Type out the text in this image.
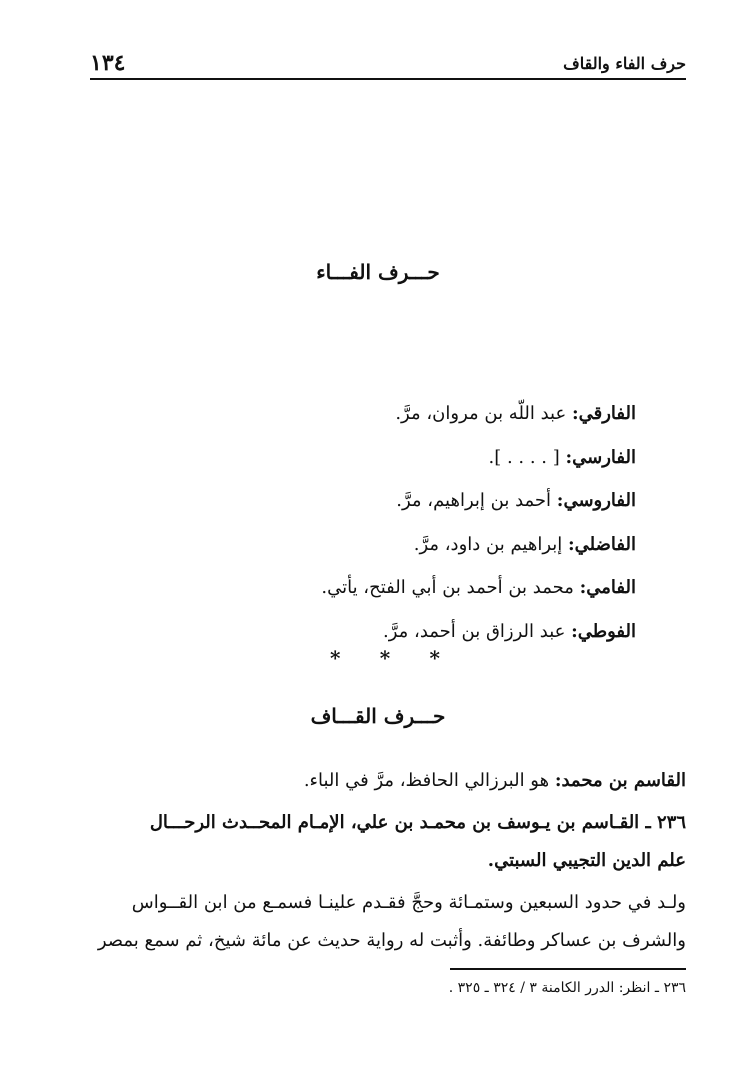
١٣٤	حرف الفاء والقاف
حـــرف الفـــاء
الفارقي: عبد اللّه بن مروان، مرَّ.
الفارسي: [ . . . . ].
الفاروسي: أحمد بن إبراهيم، مرَّ.
الفاضلي: إبراهيم بن داود، مرَّ.
الفامي: محمد بن أحمد بن أبي الفتح، يأتي.
الفوطي: عبد الرزاق بن أحمد، مرَّ.
* * *
حـــرف القـــاف
القاسم بن محمد: هو البرزالي الحافظ، مرَّ في الباء.
٢٣٦ ـ القـاسم بن يـوسف بن محمـد بن علي، الإمـام المحــدث الرحـــال
علم الدين التجيبي السبتي.
ولـد في حدود السبعين وستمـائة وحجَّ فقـدم علينـا فسمـع من ابن القــواس
والشرف بن عساكر وطائفة. وأثبت له رواية حديث عن مائة شيخ، ثم سمع بمصر
٢٣٦ ـ انظر: الدرر الكامنة ٣ / ٣٢٤ ـ ٣٢٥ .
